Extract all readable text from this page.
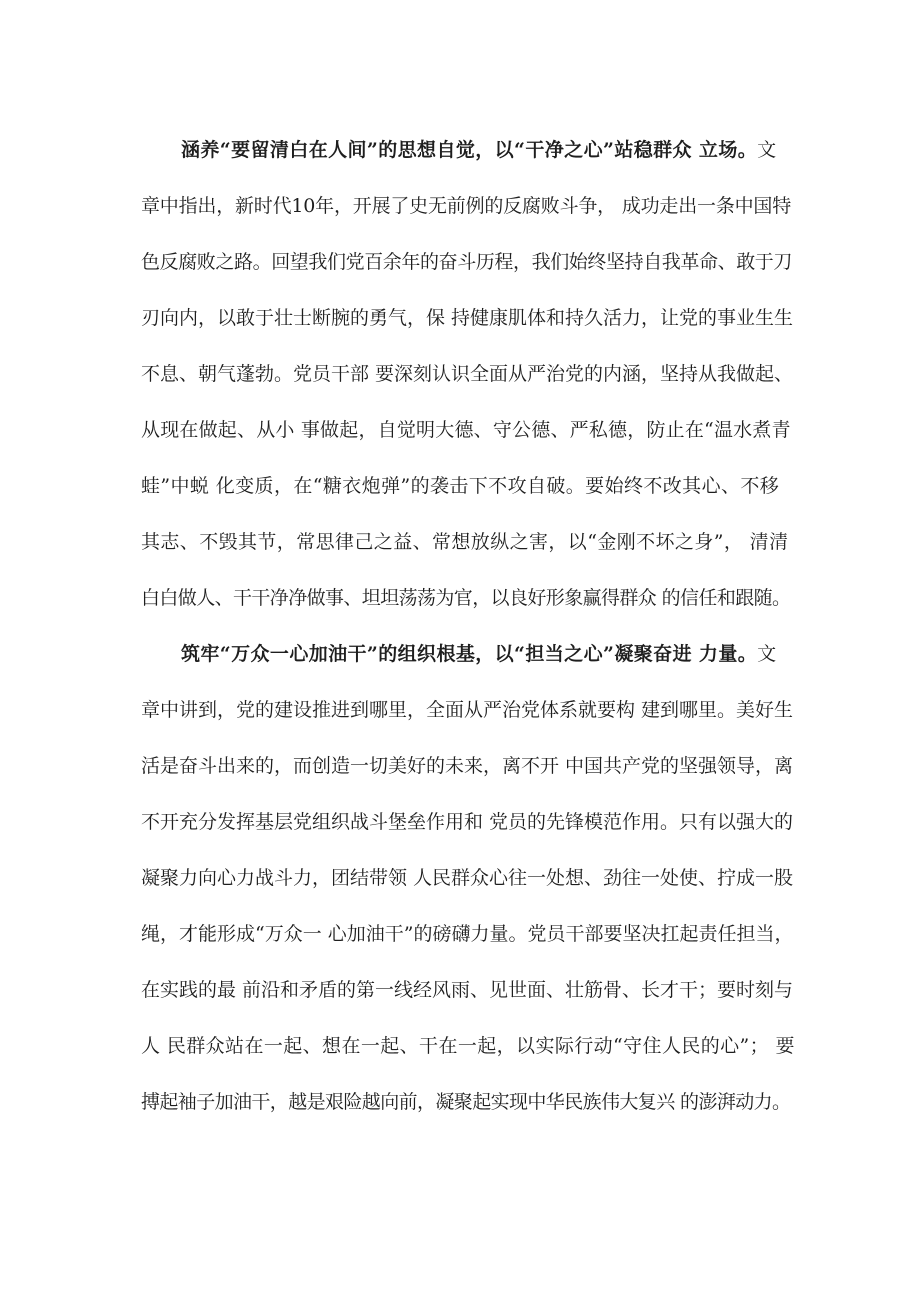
涵养“要留清白在人间”的思想自觉，以“干净之心”站稳群众 立场。文
章中指出，新时代10年，开展了史无前例的反腐败斗争， 成功走出一条中国特
色反腐败之路。回望我们党百余年的奋斗历程，我们始终坚持自我革命、敢于刀
刃向内，以敢于壮士断腕的勇气，保 持健康肌体和持久活力，让党的事业生生
不息、朝气蓬勃。党员干部 要深刻认识全面从严治党的内涵，坚持从我做起、
从现在做起、从小 事做起，自觉明大德、守公德、严私德，防止在“温水煮青
蛙”中蜕 化变质，在“糖衣炮弹”的袭击下不攻自破。要始终不改其心、不移
其志、不毁其节，常思律己之益、常想放纵之害，以“金刚不坏之身”， 清清
白白做人、干干净净做事、坦坦荡荡为官，以良好形象赢得群众 的信任和跟随。
筑牢“万众一心加油干”的组织根基，以“担当之心”凝聚奋进 力量。文
章中讲到，党的建设推进到哪里，全面从严治党体系就要构 建到哪里。美好生
活是奋斗出来的，而创造一切美好的未来，离不开 中国共产党的坚强领导，离
不开充分发挥基层党组织战斗堡垒作用和 党员的先锋模范作用。只有以强大的
凝聚力向心力战斗力，团结带领 人民群众心往一处想、劲往一处使、拧成一股
绳，才能形成“万众一 心加油干”的磅礴力量。党员干部要坚决扛起责任担当，
在实践的最 前沿和矛盾的第一线经风雨、见世面、壮筋骨、长才干；要时刻与
人 民群众站在一起、想在一起、干在一起，以实际行动“守住人民的心”； 要
搏起袖子加油干，越是艰险越向前，凝聚起实现中华民族伟大复兴 的澎湃动力。
